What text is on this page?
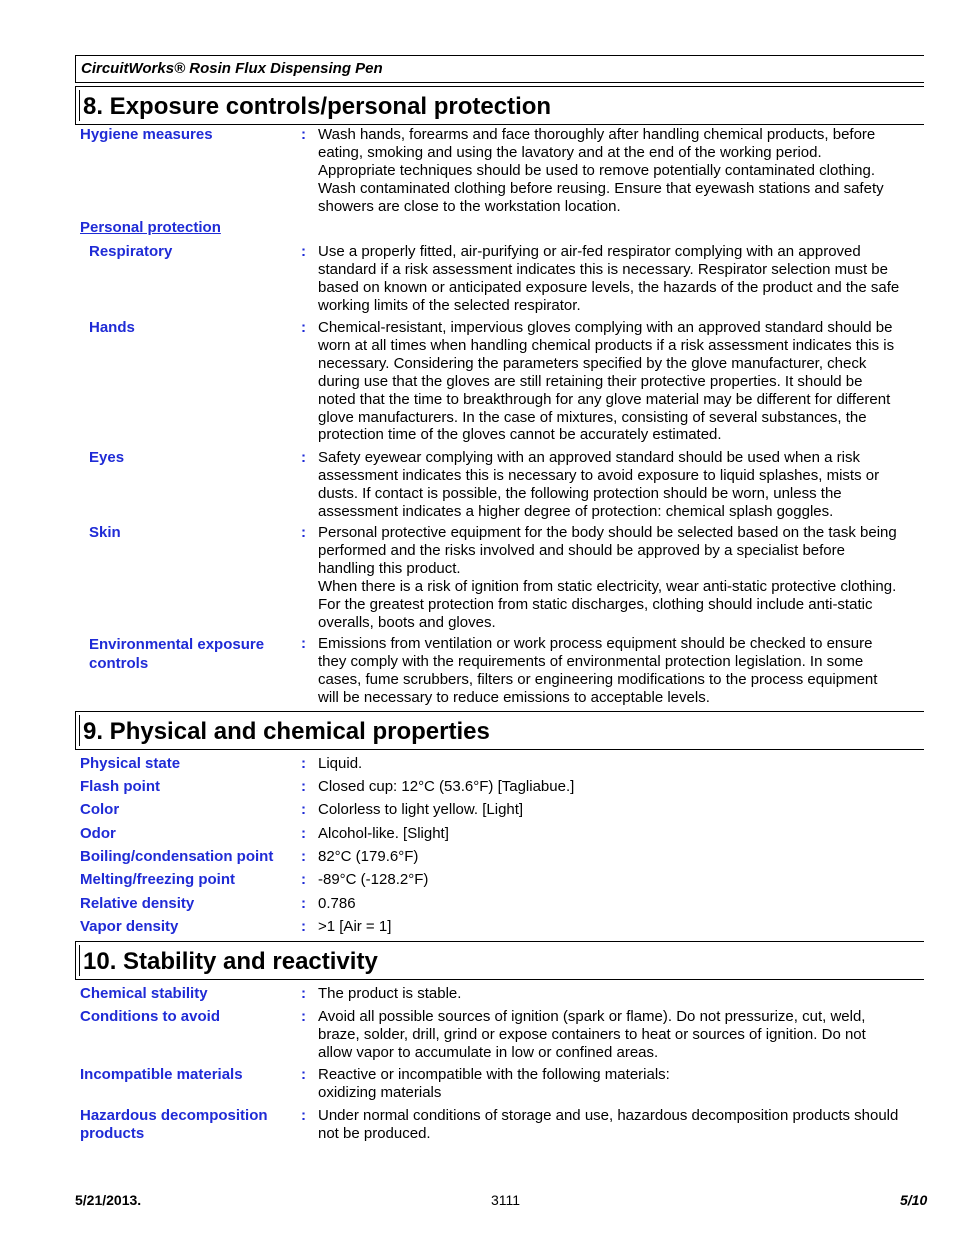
CircuitWorks® Rosin Flux Dispensing Pen
8. Exposure controls/personal protection
Hygiene measures	: Wash hands, forearms and face thoroughly after handling chemical products, before
eating, smoking and using the lavatory and at the end of the working period.
Appropriate techniques should be used to remove potentially contaminated clothing.
Wash contaminated clothing before reusing. Ensure that eyewash stations and safety
showers are close to the workstation location.
Personal protection
Respiratory	: Use a properly fitted, air-purifying or air-fed respirator complying with an approved
standard if a risk assessment indicates this is necessary. Respirator selection must be
based on known or anticipated exposure levels, the hazards of the product and the safe
working limits of the selected respirator.
Hands	: Chemical-resistant, impervious gloves complying with an approved standard should be
worn at all times when handling chemical products if a risk assessment indicates this is
necessary. Considering the parameters specified by the glove manufacturer, check
during use that the gloves are still retaining their protective properties. It should be
noted that the time to breakthrough for any glove material may be different for different
glove manufacturers. In the case of mixtures, consisting of several substances, the
protection time of the gloves cannot be accurately estimated.
Eyes	: Safety eyewear complying with an approved standard should be used when a risk
assessment indicates this is necessary to avoid exposure to liquid splashes, mists or
dusts. If contact is possible, the following protection should be worn, unless the
assessment indicates a higher degree of protection: chemical splash goggles.
Skin	: Personal protective equipment for the body should be selected based on the task being
performed and the risks involved and should be approved by a specialist before
handling this product.
When there is a risk of ignition from static electricity, wear anti-static protective clothing.
For the greatest protection from static discharges, clothing should include anti-static
overalls, boots and gloves.
Environmental exposure
controls
: Emissions from ventilation or work process equipment should be checked to ensure
they comply with the requirements of environmental protection legislation. In some
cases, fume scrubbers, filters or engineering modifications to the process equipment
will be necessary to reduce emissions to acceptable levels.
9. Physical and chemical properties
Physical state	: Liquid.
Flash point	: Closed cup: 12°C (53.6°F) [Tagliabue.]
Color	: Colorless to light yellow. [Light]
Odor	: Alcohol-like. [Slight]
Boiling/condensation point	: 82°C (179.6°F)
Melting/freezing point	: -89°C (-128.2°F)
Relative density	: 0.786
Vapor density	: >1 [Air = 1]
10. Stability and reactivity
Chemical stability	: The product is stable.
Conditions to avoid	: Avoid all possible sources of ignition (spark or flame). Do not pressurize, cut, weld,
braze, solder, drill, grind or expose containers to heat or sources of ignition. Do not
allow vapor to accumulate in low or confined areas.
Incompatible materials	: Reactive or incompatible with the following materials:
oxidizing materials
Hazardous decomposition
products
: Under normal conditions of storage and use, hazardous decomposition products should
not be produced.
5/21/2013.	3111	5/10
